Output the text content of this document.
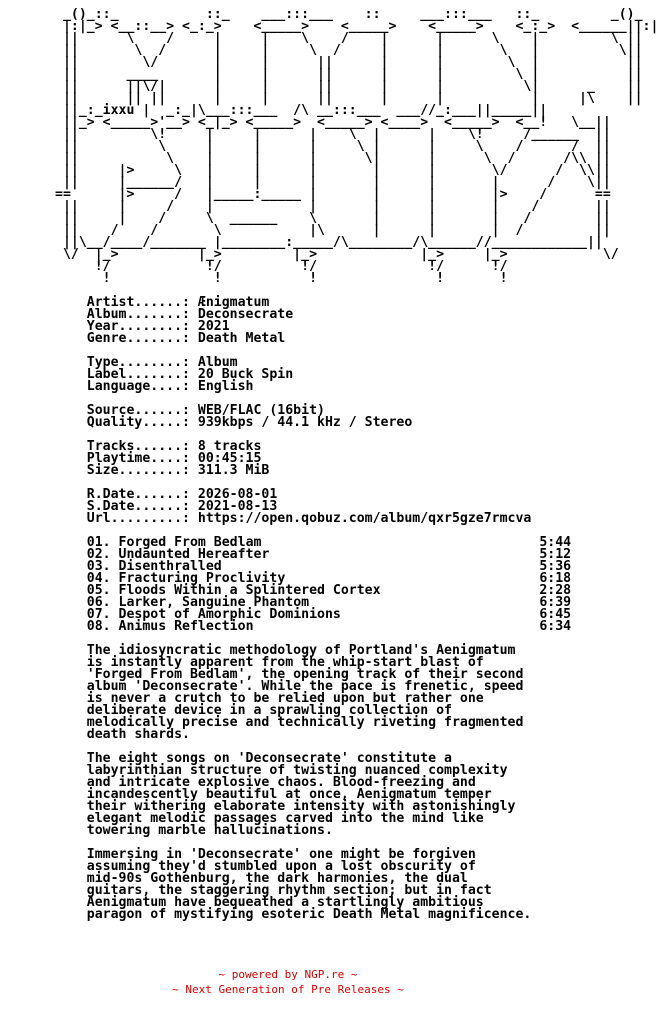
_()_::_           ::_    ___:::___    ::     ___:::___   ::_         _()_
|:|_> <__::__> <_:_>    <_____>    <_____>    <_____>    <_:_>  <______||:|
||      \    /     |     |    \    /    |      |      \    |         \ ||
||       \  /      |     |     \  /     |      |       \   |          \||
||        \/       |     |      ||      |      |        \  |           ||
||      ____       |     |      ||      |      |         \ |           ||
||      ||\/|      |     |      ||      |      |          \|      _    ||
||      || ||      |     |      ||      |      |           |     |\    ||
||_:_ixxu |  _:_|\___:::___  /\ __:::___  ___//_:___||_____||
||_> <_____>'__> <_|_> <_____>  <_____> <____>  <_____>  <__!   \__||
||         \!     |     |      |    \  |      |    \!     /______  ||
||          \     |     |      |     \ |      |     \    /      /  ||
||           \    |     |      |      \|      |      \  /      /\\ ||
||     |>     \   |     |      |       |      |       \/      /  \\||
||     |______/   |     |      |       |      |       |      /    \||
==      |>     /   |_____:_____ |       |      |       |>    /      ==
||     |     /    |            |       |      |       |    /       ||
||     |    /     \  ______    \       |      |       |   /        ||
||    /    /       \           |\      |      |       |  /         ||
||\__/____/_______ |________:_____/\________/\______//____________||
\/  |_>          |_>         |_>             |_>     |_>            \/
!/            !/          !/              !/      !/
!             !           !               !       !

Artist......: Ænigmatum
Album.......: Deconsecrate
Year........: 2021
Genre.......: Death Metal

Type........: Album
Label.......: 20 Buck Spin
Language....: English

Source......: WEB/FLAC (16bit)
Quality.....: 939kbps / 44.1 kHz / Stereo

Tracks......: 8 tracks
Playtime....: 00:45:15
Size........: 311.3 MiB

R.Date......: 2026-08-01
S.Date......: 2021-08-13
Url.........: https://open.qobuz.com/album/qxr5gze7rmcva

01. Forged From Bedlam	5:44
02. Undaunted Hereafter	5:12
03. Disenthralled	5:36
04. Fracturing Proclivity	6:18
05. Floods Within a Splintered Cortex	2:28
06. Larker, Sanguine Phantom	6:39
07. Despot of Amorphic Dominions	6:45
08. Animus Reflection	6:34

The idiosyncratic methodology of Portland's Aenigmatum
is instantly apparent from the whip-start blast of
'Forged From Bedlam', the opening track of their second
album 'Deconsecrate'. While the pace is frenetic, speed
is never a crutch to be relied upon but rather one
deliberate device in a sprawling collection of
melodically precise and technically riveting fragmented
death shards.

The eight songs on 'Deconsecrate' constitute a
labyrinthian structure of twisting nuanced complexity
and intricate explosive chaos. Blood-freezing and
incandescently beautiful at once, Aenigmatum temper
their withering elaborate intensity with astonishingly
elegant melodic passages carved into the mind like
towering marble hallucinations.

Immersing in 'Deconsecrate' one might be forgiven
assuming they'd stumbled upon a lost obscurity of
mid-90s Gothenburg, the dark harmonies, the dual
guitars, the staggering rhythm section; but in fact
Aenigmatum have bequeathed a startlingly ambitious
paragon of mystifying esoteric Death Metal magnificence.
~ powered by NGP.re ~
~ Next Generation of Pre Releases ~
